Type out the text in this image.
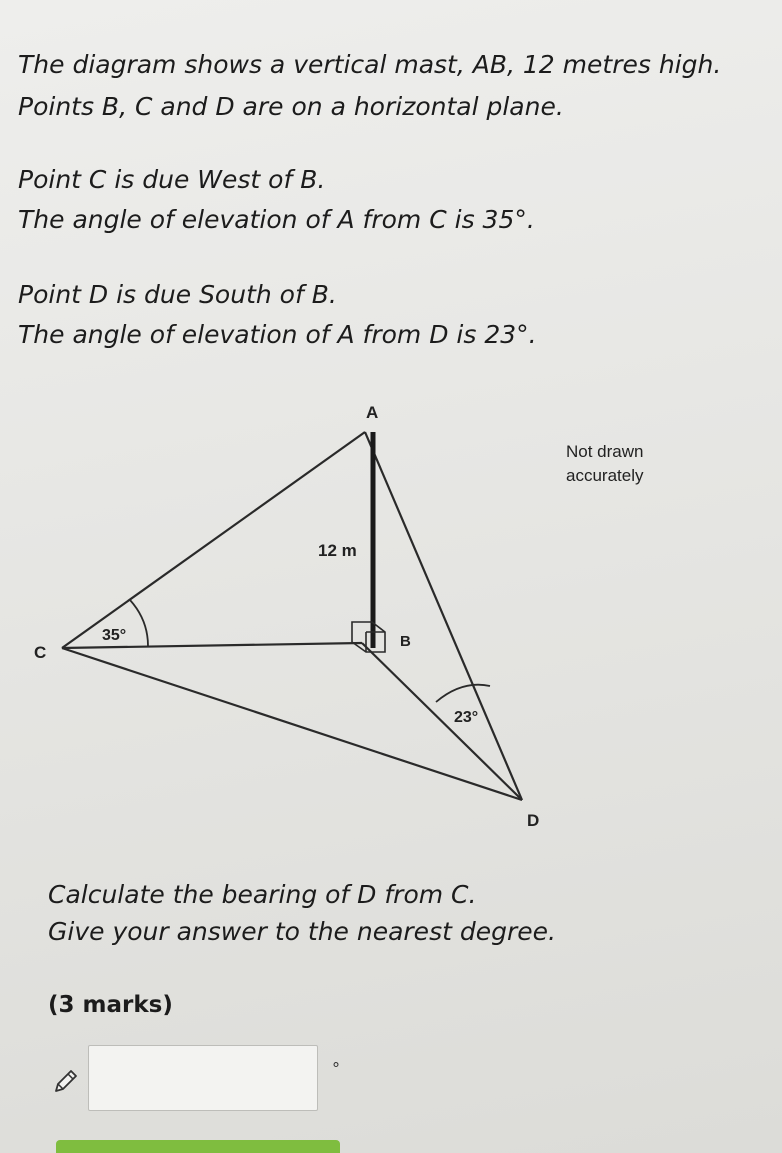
The diagram shows a vertical mast, AB, 12 metres high.
Points B, C and D are on a horizontal plane.
Point C is due West of B.
The angle of elevation of A from C is 35°.
Point D is due South of B.
The angle of elevation of A from D is 23°.
A
B
C
D
12 m
35°
23°
Not drawn
accurately
Calculate the bearing of D from C.
Give your answer to the nearest degree.
(3 marks)
°
